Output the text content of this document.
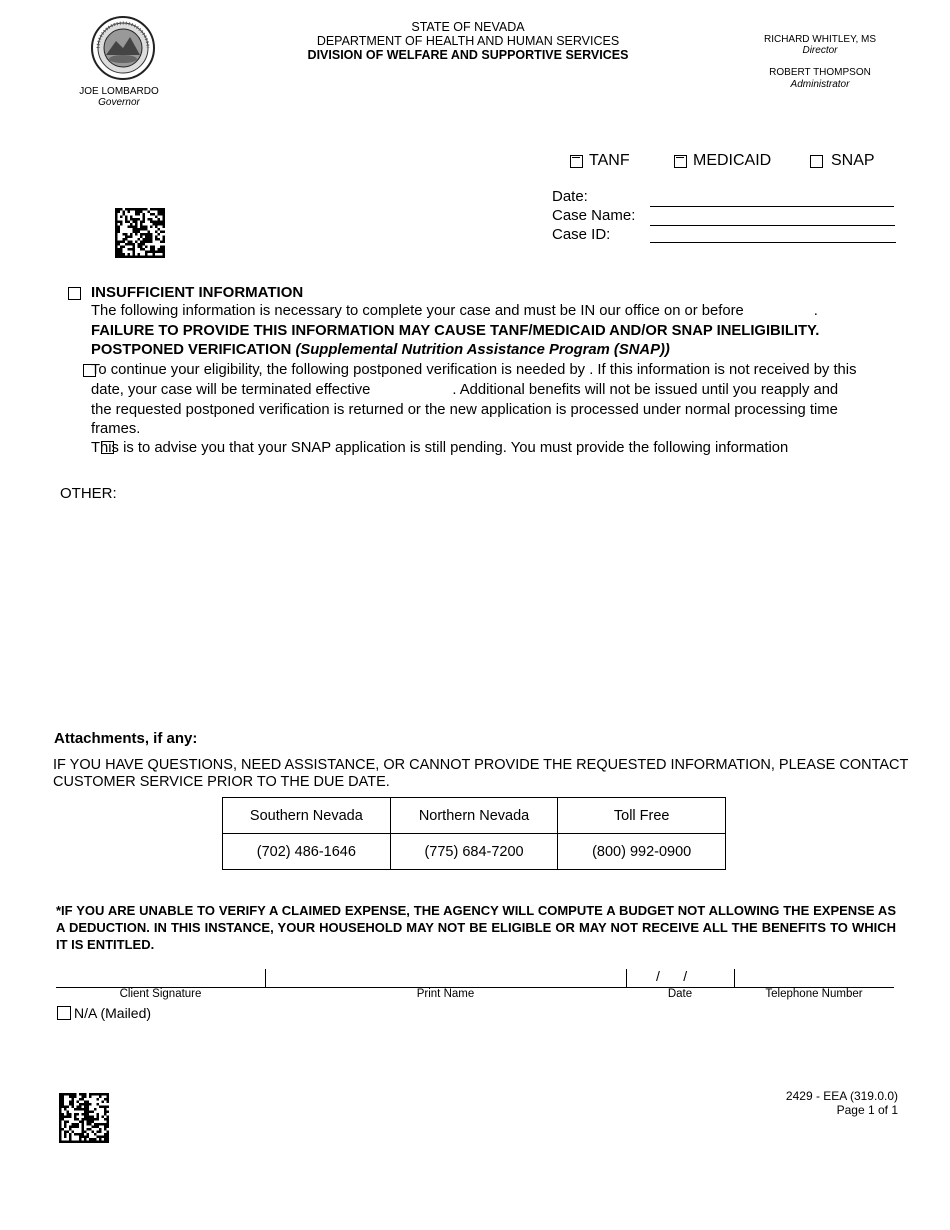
JOE LOMBARDO
Governor
STATE OF NEVADA
DEPARTMENT OF HEALTH AND HUMAN SERVICES
DIVISION OF WELFARE AND SUPPORTIVE SERVICES
RICHARD WHITLEY, MS
Director
ROBERT THOMPSON
Administrator
TANF	MEDICAID	SNAP
Date:
Case Name:
Case ID:

INSUFFICIENT INFORMATION
The following information is necessary to complete your case and must be IN our office on or before	.
FAILURE TO PROVIDE THIS INFORMATION MAY CAUSE TANF/MEDICAID AND/OR SNAP INELIGIBILITY.
POSTPONED VERIFICATION (Supplemental Nutrition Assistance Program (SNAP))

To continue your eligibility, the following postponed verification is needed by . If this information is not received by this
date, your case will be terminated effective	. Additional benefits will not be issued until you reapply and
the requested postponed verification is returned or the new application is processed under normal processing time
frames.
This is to advise you that your SNAP application is still pending. You must provide the following information
OTHER:
Attachments, if any:
IF YOU HAVE QUESTIONS, NEED ASSISTANCE, OR CANNOT PROVIDE THE REQUESTED INFORMATION, PLEASE CONTACT
CUSTOMER SERVICE PRIOR TO THE DUE DATE.
Southern Nevada	Northern Nevada	Toll Free
(702) 486-1646	(775) 684-7200	(800) 992-0900
*IF YOU ARE UNABLE TO VERIFY A CLAIMED EXPENSE, THE AGENCY WILL COMPUTE A BUDGET NOT ALLOWING THE EXPENSE AS A DEDUCTION. IN THIS INSTANCE, YOUR HOUSEHOLD MAY NOT BE ELIGIBLE OR MAY NOT RECEIVE ALL THE BENEFITS TO WHICH IT IS ENTITLED.
/      /
Client Signature	Print Name	Date	Telephone Number
N/A (Mailed)
2429 - EEA (319.0.0)
Page 1 of 1
